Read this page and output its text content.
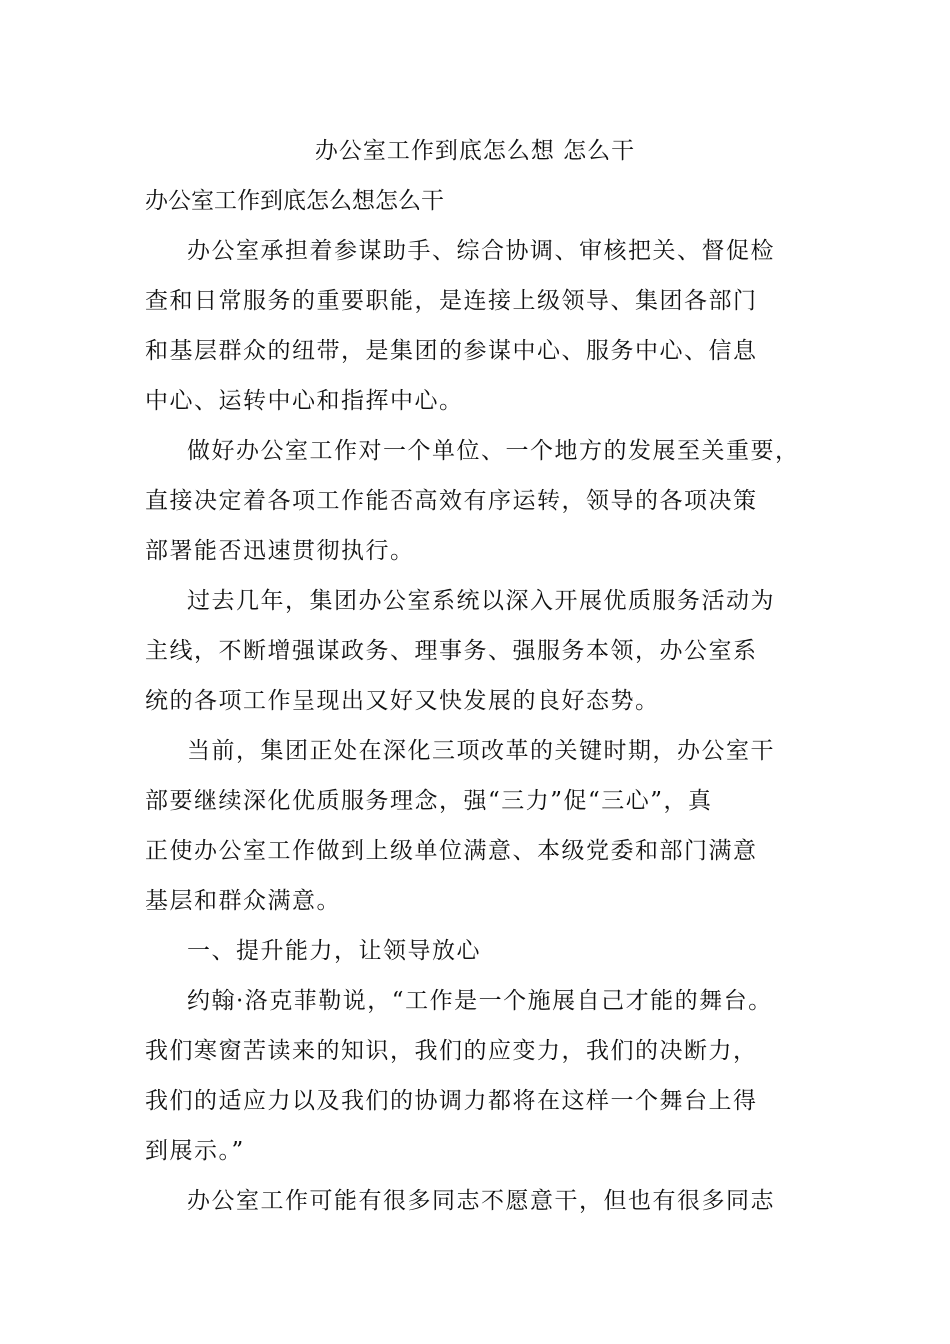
办公室工作到底怎么想 怎么干
办公室工作到底怎么想怎么干
办公室承担着参谋助手、综合协调、审核把关、督促检
查和日常服务的重要职能，是连接上级领导、集团各部门
和基层群众的纽带，是集团的参谋中心、服务中心、信息
中心、运转中心和指挥中心。
做好办公室工作对一个单位、一个地方的发展至关重要，
直接决定着各项工作能否高效有序运转，领导的各项决策
部署能否迅速贯彻执行。
过去几年，集团办公室系统以深入开展优质服务活动为
主线，不断增强谋政务、理事务、强服务本领，办公室系
统的各项工作呈现出又好又快发展的良好态势。
当前，集团正处在深化三项改革的关键时期，办公室干
部要继续深化优质服务理念，强“三力”促“三心”，真
正使办公室工作做到上级单位满意、本级党委和部门满意
基层和群众满意。
一、提升能力，让领导放心
约翰·洛克菲勒说，“工作是一个施展自己才能的舞台。
我们寒窗苦读来的知识，我们的应变力，我们的决断力，
我们的适应力以及我们的协调力都将在这样一个舞台上得
到展示。”
办公室工作可能有很多同志不愿意干，但也有很多同志
